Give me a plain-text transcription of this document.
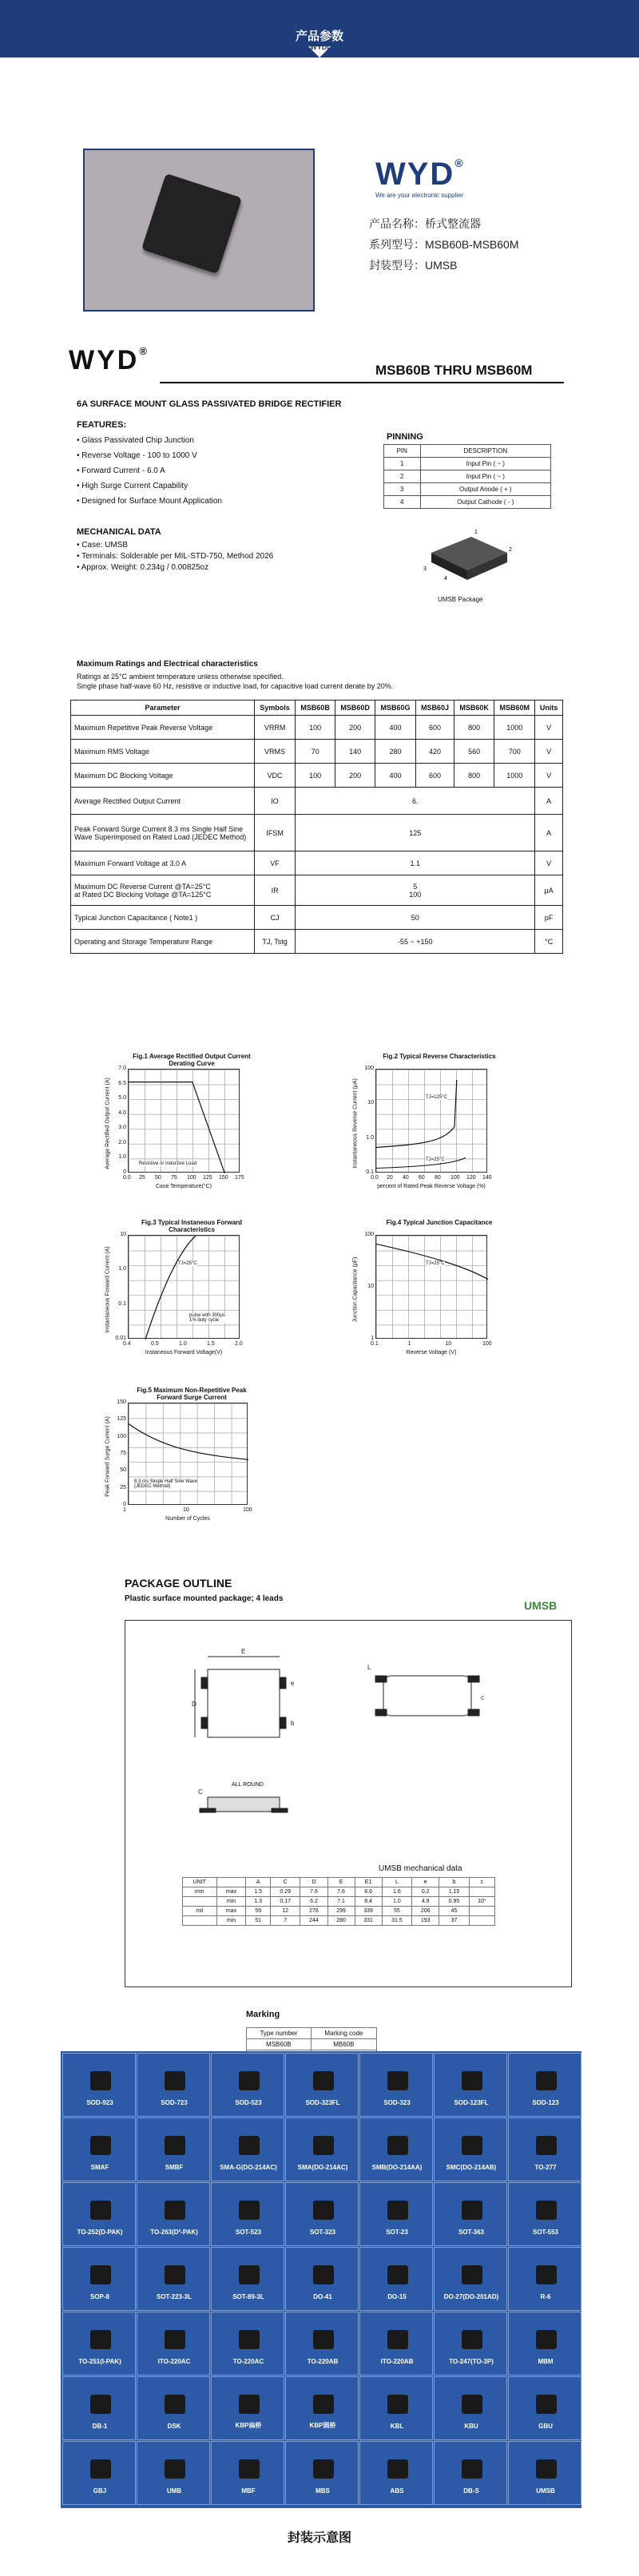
产品参数
WYDI
WYD®
We are your electronic supplier
产品名称：桥式整流器
系列型号：MSB60B-MSB60M
封装型号：UMSB
WYD®
MSB60B THRU MSB60M
6A SURFACE MOUNT GLASS PASSIVATED BRIDGE RECTIFIER
FEATURES:
• Glass Passivated Chip Junction
• Reverse Voltage - 100 to 1000 V
• Forward Current - 6.0 A
• High Surge Current Capability
• Designed for Surface Mount Application
MECHANICAL DATA
• Case: UMSB
• Terminals: Solderable per MIL-STD-750, Method 2026
• Approx. Weight: 0.234g / 0.00825oz
PINNING
PIN	DESCRIPTION
1	Input Pin ( ~ )
2	Input Pin ( ~ )
3	Output Anode ( + )
4	Output Cathode ( - )
1
2
3
4
UMSB Package
Maximum Ratings and Electrical characteristics
Ratings at 25°C ambient temperature unless otherwise specified.
Single phase half-wave 60 Hz, resistive or inductive load, for capacitive load current derate by 20%.
Parameter	Symbols	MSB60B	MSB60D	MSB60G	MSB60J	MSB60K	MSB60M	Units
Maximum Repetitive Peak Reverse Voltage	VRRM	100	200	400	600	800	1000	V
Maximum RMS Voltage	VRMS	70	140	280	420	560	700	V
Maximum DC Blocking Voltage	VDC	100	200	400	600	800	1000	V
Average Rectified Output Current	IO	6.						A
Peak Forward Surge Current 8.3 ms Single Half Sine Wave Superimposed on Rated Load (JEDEC Method)	IFSM	125						A
Maximum Forward Voltage at 3.0 A	VF	1.1						V
Maximum DC Reverse Current @TA=25°C
at Rated DC Blocking Voltage @TA=125°C	IR	5
100						μA
Typical Junction Capacitance ( Note1 )	CJ	50						pF
Operating and Storage Temperature Range	TJ, Tstg	-55 ~ +150						°C
Fig.1 Average Rectified Output Current
Derating Curve
7.0
6.5
5.0
4.0
3.0
2.0
1.0
0
0.0 25 50 75 100 125 150 175
Case Temperature(°C)
Average Rectified Output Current (A)	Resistive or Inductive Load
Fig.2 Typical Reverse Characteristics
100
10
1.0
0.1
0.0 20 40 60 80 100 120 140
percent of Rated Peak Reverse Voltage (%)
Instantaneous Reverse Current (μA)	TJ=125°C
TJ=25°C
Fig.3 Typical Instaneous Forward
Characteristics
10
1.0
0.1
0.01
0.4	0.5	1.0	1.5	2.0
Instaneous Forward Voltage(V)
Instantaneous Forward Current (A)	TJ=25°C
pulse with 300μs
1% duty cycle
Fig.4 Typical Junction Capacitance
100
10
1
0.1	1	10	100
Reverse Voltage (V)
Junction Capacitance (pF)	TJ=25°C
Fig.5 Maximum Non-Repetitive Peak
Forward Surge Current
150
125
100
75
50
25
0
1	10	100
Number of Cycles
Peak Forward Surge Current (A)	8.3 ms Single Half Sine Wave
(JEDEC Method)
PACKAGE OUTLINE
Plastic surface mounted package; 4 leads
UMSB
E
D
e
b
L
c
C
ALL ROUND
UMSB mechanical data
UNIT		A	C	D	E	E1	L	e	b	c
mm	max	1.5	0.29	7.6	7.6	8.6	1.6	0.2	1.15	
	min	1.3	0.17	6.2	7.1	8.4	1.0	4.9	0.95	10°
mil	max	59	12	276	299	339	55	206	45	
	min	51	7	244	280	331	31.5	193	37	
Marking
Type number	Marking code
MSB60B	MB60B

SOD-923	SOD-723	SOD-523	SOD-323FL	SOD-323	SOD-123FL	SOD-123
SMAF	SMBF	SMA-G(DO-214AC)	SMA(DO-214AC)	SMB(DO-214AA)	SMC(DO-214AB)	TO-277
TO-252(D-PAK)	TO-263(D²-PAK)	SOT-523	SOT-323	SOT-23	SOT-363	SOT-553
SOP-8	SOT-223-3L	SOT-89-3L	DO-41	DO-15	DO-27(DO-201AD)	R-6
TO-251(I-PAK)	ITO-220AC	TO-220AC	TO-220AB	ITO-220AB	TO-247(TO-3P)	MBM
DB-1	DSK	KBP扁桥	KBP圆桥	KBL	KBU	GBU
GBJ	UMB	MBF	MBS	ABS	DB-S	UMSB
封装示意图
